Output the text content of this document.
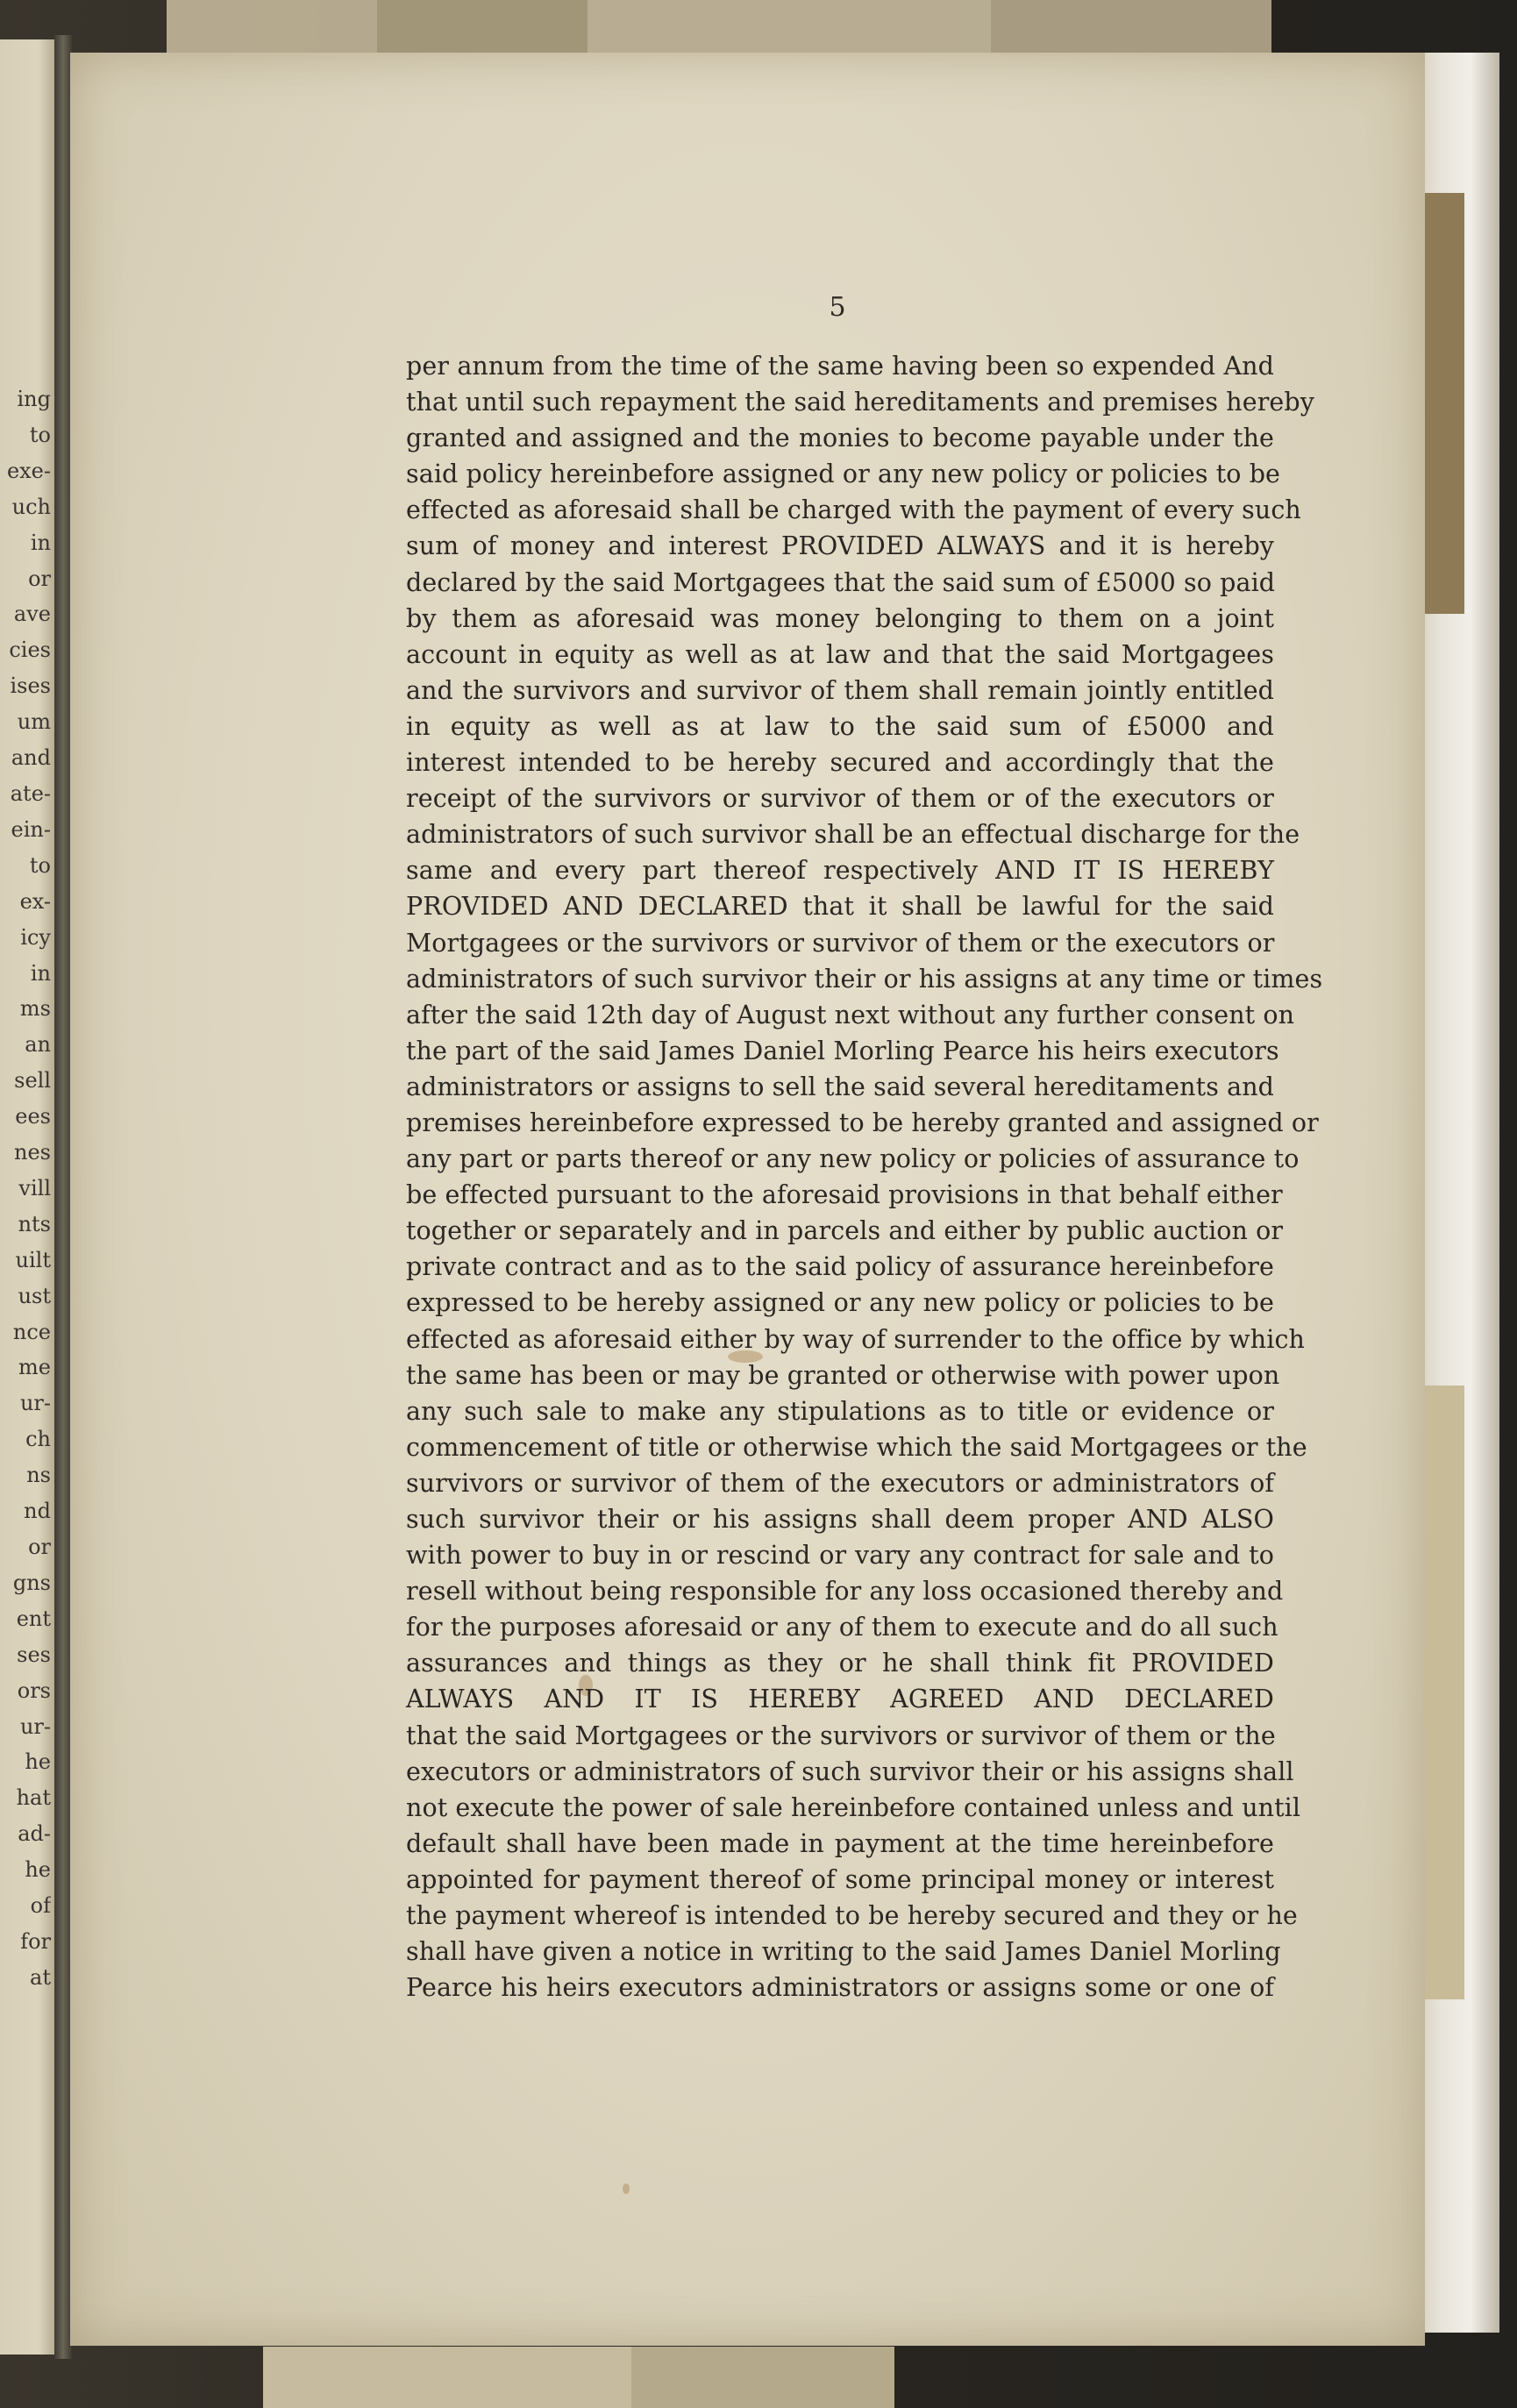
ing
to
exe-
uch
in
or
ave
cies
ises
um
and
ate-
ein-
to
ex-
icy
in
ms
an
sell
ees
nes
vill
nts
uilt
ust
nce
me
ur-
ch
ns
nd
or
gns
ent
ses
ors
ur-
he
hat
ad-
he
of
for
at
5
per annum from the time of the same having been so expended And
that until such repayment the said hereditaments and premises hereby
granted and assigned and the monies to become payable under the
said policy hereinbefore assigned or any new policy or policies to be
effected as aforesaid shall be charged with the payment of every such
sum of money and interest PROVIDED ALWAYS and it is hereby
declared by the said Mortgagees that the said sum of £5000 so paid
by them as aforesaid was money belonging to them on a joint
account in equity as well as at law and that the said Mortgagees
and the survivors and survivor of them shall remain jointly entitled
in equity as well as at law to the said sum of £5000 and
interest intended to be hereby secured and accordingly that the
receipt of the survivors or survivor of them or of the executors or
administrators of such survivor shall be an effectual discharge for the
same and every part thereof respectively AND IT IS HEREBY
PROVIDED AND DECLARED that it shall be lawful for the said
Mortgagees or the survivors or survivor of them or the executors or
administrators of such survivor their or his assigns at any time or times
after the said 12th day of August next without any further consent on
the part of the said James Daniel Morling Pearce his heirs executors
administrators or assigns to sell the said several hereditaments and
premises hereinbefore expressed to be hereby granted and assigned or
any part or parts thereof or any new policy or policies of assurance to
be effected pursuant to the aforesaid provisions in that behalf either
together or separately and in parcels and either by public auction or
private contract and as to the said policy of assurance hereinbefore
expressed to be hereby assigned or any new policy or policies to be
effected as aforesaid either by way of surrender to the office by which
the same has been or may be granted or otherwise with power upon
any such sale to make any stipulations as to title or evidence or
commencement of title or otherwise which the said Mortgagees or the
survivors or survivor of them of the executors or administrators of
such survivor their or his assigns shall deem proper AND ALSO
with power to buy in or rescind or vary any contract for sale and to
resell without being responsible for any loss occasioned thereby and
for the purposes aforesaid or any of them to execute and do all such
assurances and things as they or he shall think fit PROVIDED
ALWAYS AND IT IS HEREBY AGREED AND DECLARED
that the said Mortgagees or the survivors or survivor of them or the
executors or administrators of such survivor their or his assigns shall
not execute the power of sale hereinbefore contained unless and until
default shall have been made in payment at the time hereinbefore
appointed for payment thereof of some principal money or interest
the payment whereof is intended to be hereby secured and they or he
shall have given a notice in writing to the said James Daniel Morling
Pearce his heirs executors administrators or assigns some or one of
